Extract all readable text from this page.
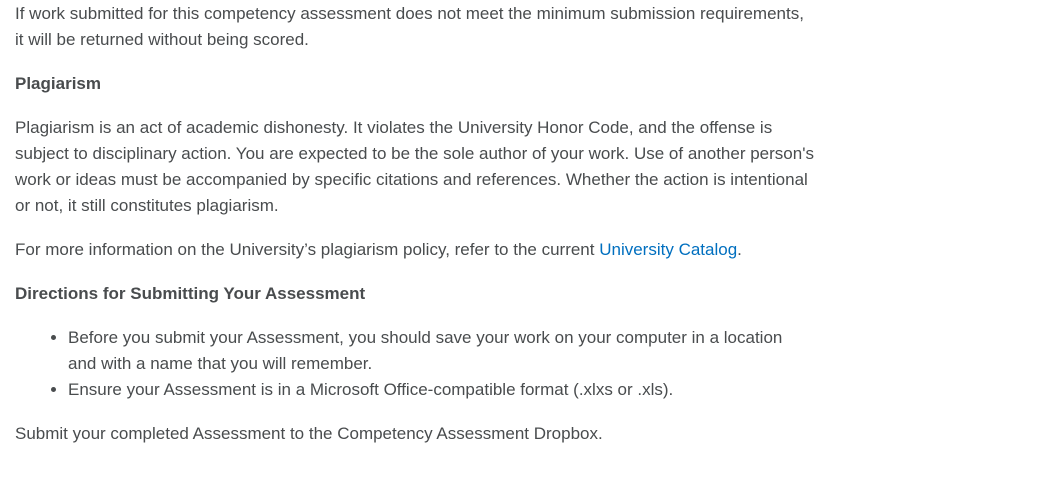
If work submitted for this competency assessment does not meet the minimum submission requirements, it will be returned without being scored.

Plagiarism

Plagiarism is an act of academic dishonesty. It violates the University Honor Code, and the offense is subject to disciplinary action. You are expected to be the sole author of your work. Use of another person's work or ideas must be accompanied by specific citations and references. Whether the action is intentional or not, it still constitutes plagiarism.

For more information on the University’s plagiarism policy, refer to the current University Catalog.

Directions for Submitting Your Assessment
• Before you submit your Assessment, you should save your work on your computer in a location and with a name that you will remember.
• Ensure your Assessment is in a Microsoft Office-compatible format (.xlxs or .xls).

Submit your completed Assessment to the Competency Assessment Dropbox.
